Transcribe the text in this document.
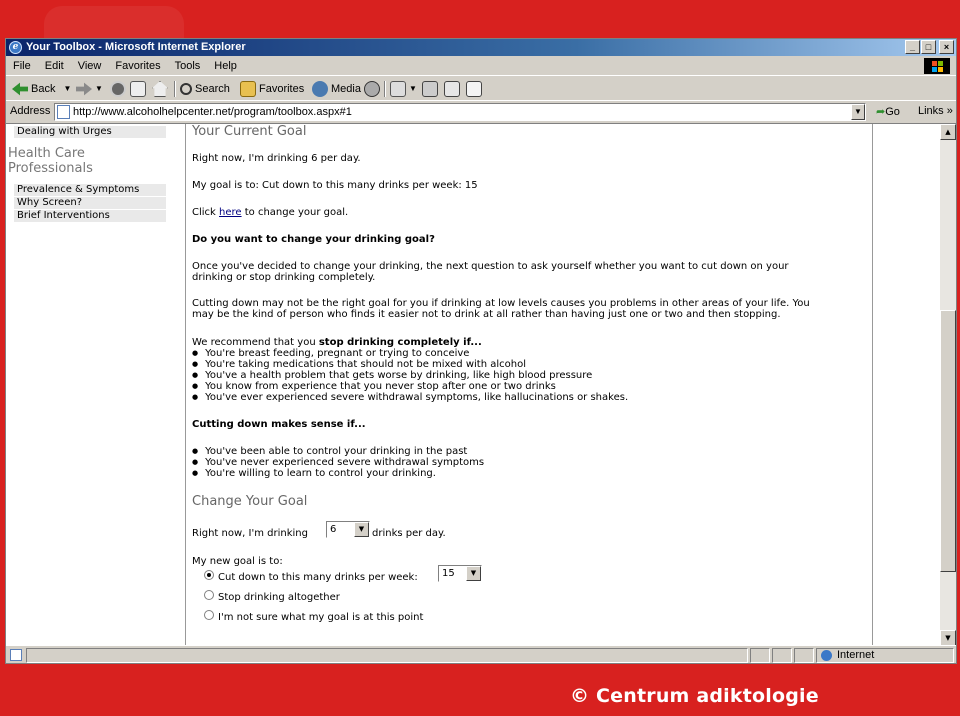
e Your Toolbox - Microsoft Internet Explorer	_	□	×
File Edit View Favorites Tools Help
Back ▼	▼	Search	Favorites Media	▼
Address	http://www.alcoholhelpcenter.net/program/toolbox.aspx#1	▼ ➦Go Links »
Dealing with Urges
Health Care Professionals
Prevalence & Symptoms
Why Screen?
Brief Interventions
Your Current Goal
Right now, I'm drinking 6 per day.
My goal is to: Cut down to this many drinks per week: 15
Click here to change your goal.
Do you want to change your drinking goal?
Once you've decided to change your drinking, the next question to ask yourself whether you want to cut down on your
drinking or stop drinking completely.
Cutting down may not be the right goal for you if drinking at low levels causes you problems in other areas of your life. You
may be the kind of person who finds it easier not to drink at all rather than having just one or two and then stopping.
We recommend that you stop drinking completely if...
● You're breast feeding, pregnant or trying to conceive
● You're taking medications that should not be mixed with alcohol
● You've a health problem that gets worse by drinking, like high blood pressure
● You know from experience that you never stop after one or two drinks
● You've ever experienced severe withdrawal symptoms, like hallucinations or shakes.
Cutting down makes sense if...
● You've been able to control your drinking in the past
● You've never experienced severe withdrawal symptoms
● You're willing to learn to control your drinking.
Change Your Goal
Right now, I'm drinking	6	▼ drinks per day.
My new goal is to:
Cut down to this many drinks per week:	15	▼
Stop drinking altogether
I'm not sure what my goal is at this point
▲
▼
Internet
© Centrum adiktologie
